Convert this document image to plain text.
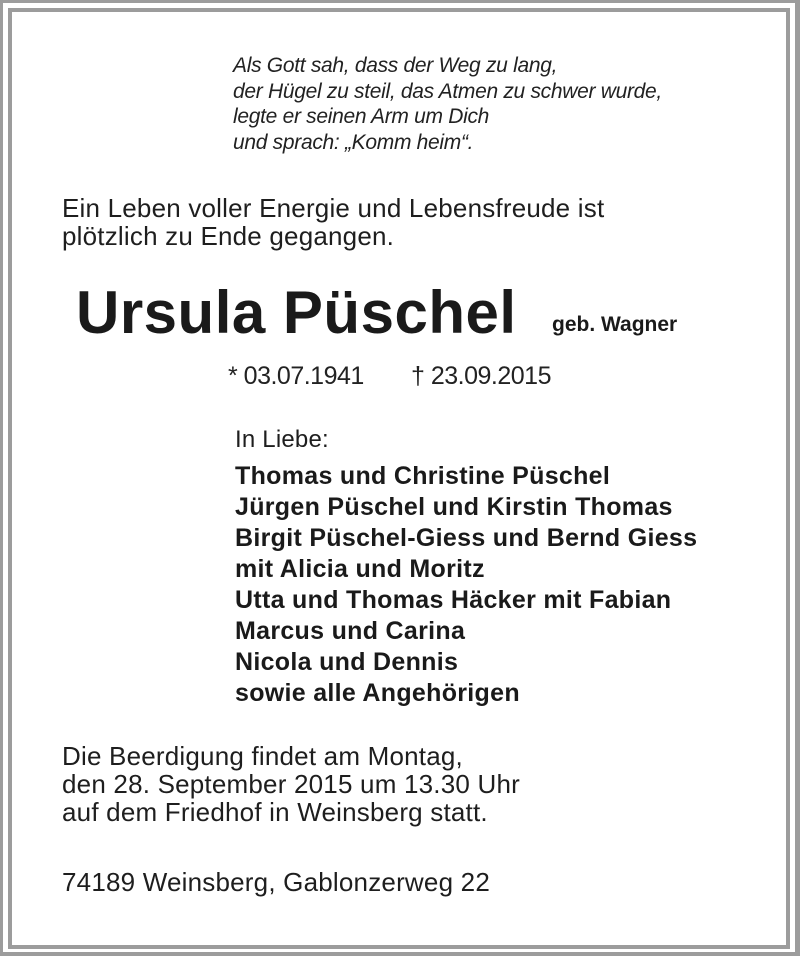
Als Gott sah, dass der Weg zu lang,

der Hügel zu steil, das Atmen zu schwer wurde,

legte er seinen Arm um Dich

und sprach: „Komm heim“.

Ein Leben voller Energie und Lebensfreude ist

plötzlich zu Ende gegangen.

Ursula Püschel geb. Wagner

* 03.07.1941 † 23.09.2015

In Liebe:

Thomas und Christine Püschel

Jürgen Püschel und Kirstin Thomas

Birgit Püschel-Giess und Bernd Giess

mit Alicia und Moritz

Utta und Thomas Häcker mit Fabian

Marcus und Carina

Nicola und Dennis

sowie alle Angehörigen

Die Beerdigung findet am Montag,

den 28. September 2015 um 13.30 Uhr

auf dem Friedhof in Weinsberg statt.

74189 Weinsberg, Gablonzerweg 22
